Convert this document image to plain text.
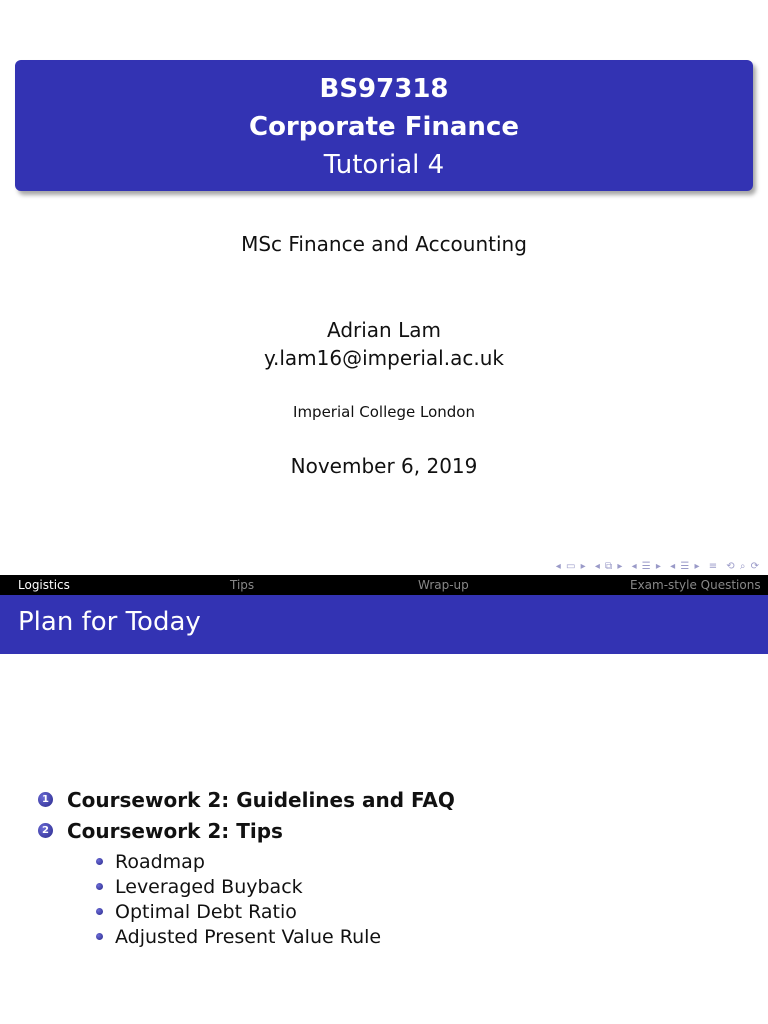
BS97318
Corporate Finance
Tutorial 4
MSc Finance and Accounting
Adrian Lam
y.lam16@imperial.ac.uk
Imperial College London
November 6, 2019
◂ ▭ ▸ ◂ ⧉ ▸ ◂ ☰ ▸ ◂ ☰ ▸ ≡ ⟲ ⌕ ⟳
Logistics	Tips	Wrap-up	Exam-style Questions
Plan for Today
1 Coursework 2: Guidelines and FAQ
2 Coursework 2: Tips
Roadmap
Leveraged Buyback
Optimal Debt Ratio
Adjusted Present Value Rule
